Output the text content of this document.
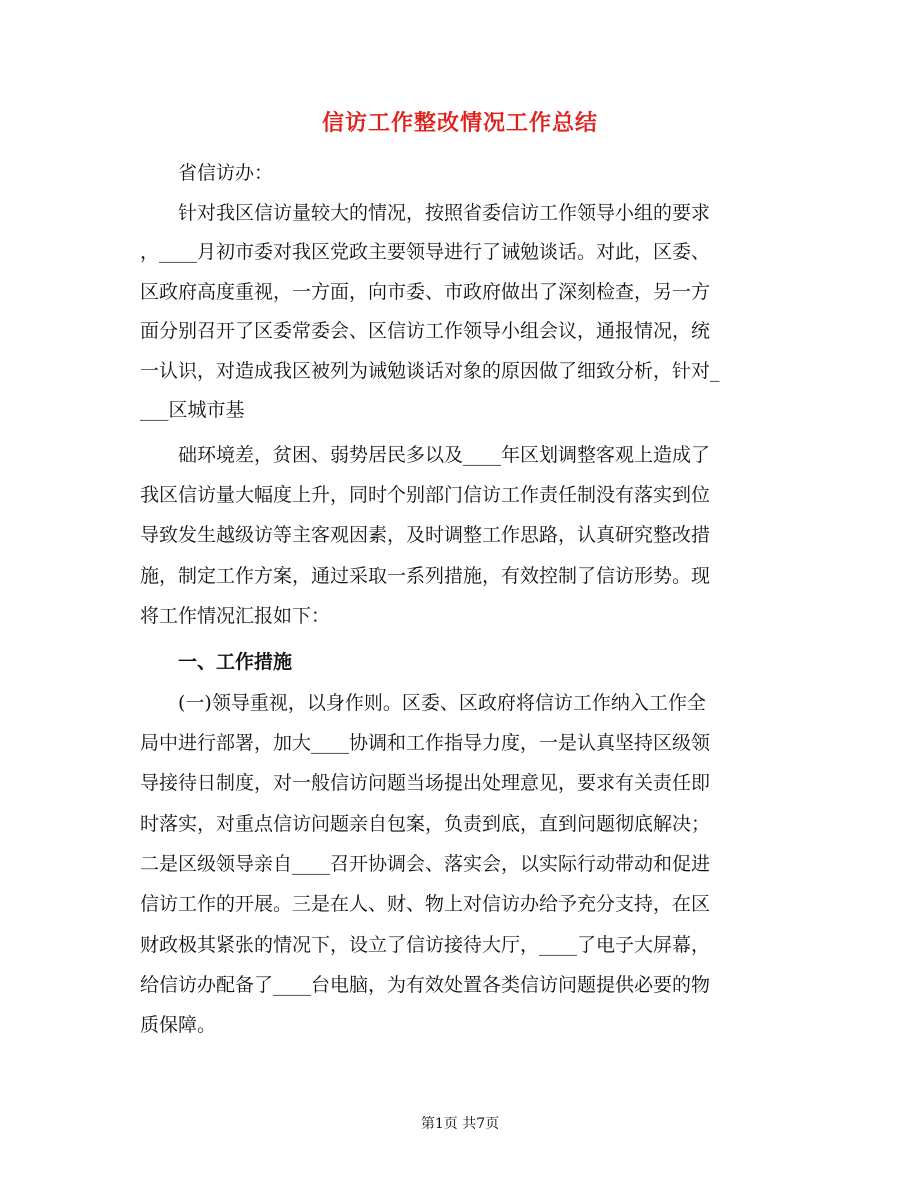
信访工作整改情况工作总结
省信访办：
针对我区信访量较大的情况，按照省委信访工作领导小组的要求
，____月初市委对我区党政主要领导进行了诫勉谈话。对此，区委、
区政府高度重视，一方面，向市委、市政府做出了深刻检查，另一方
面分别召开了区委常委会、区信访工作领导小组会议，通报情况，统
一认识，对造成我区被列为诫勉谈话对象的原因做了细致分析，针对_
___区城市基
础环境差，贫困、弱势居民多以及____年区划调整客观上造成了
我区信访量大幅度上升，同时个别部门信访工作责任制没有落实到位
导致发生越级访等主客观因素，及时调整工作思路，认真研究整改措
施，制定工作方案，通过采取一系列措施，有效控制了信访形势。现
将工作情况汇报如下：
一、工作措施
(一)领导重视，以身作则。区委、区政府将信访工作纳入工作全
局中进行部署，加大____协调和工作指导力度，一是认真坚持区级领
导接待日制度，对一般信访问题当场提出处理意见，要求有关责任即
时落实，对重点信访问题亲自包案，负责到底，直到问题彻底解决；
二是区级领导亲自____召开协调会、落实会，以实际行动带动和促进
信访工作的开展。三是在人、财、物上对信访办给予充分支持，在区
财政极其紧张的情况下，设立了信访接待大厅，____了电子大屏幕，
给信访办配备了____台电脑，为有效处置各类信访问题提供必要的物
质保障。
第1页 共7页
